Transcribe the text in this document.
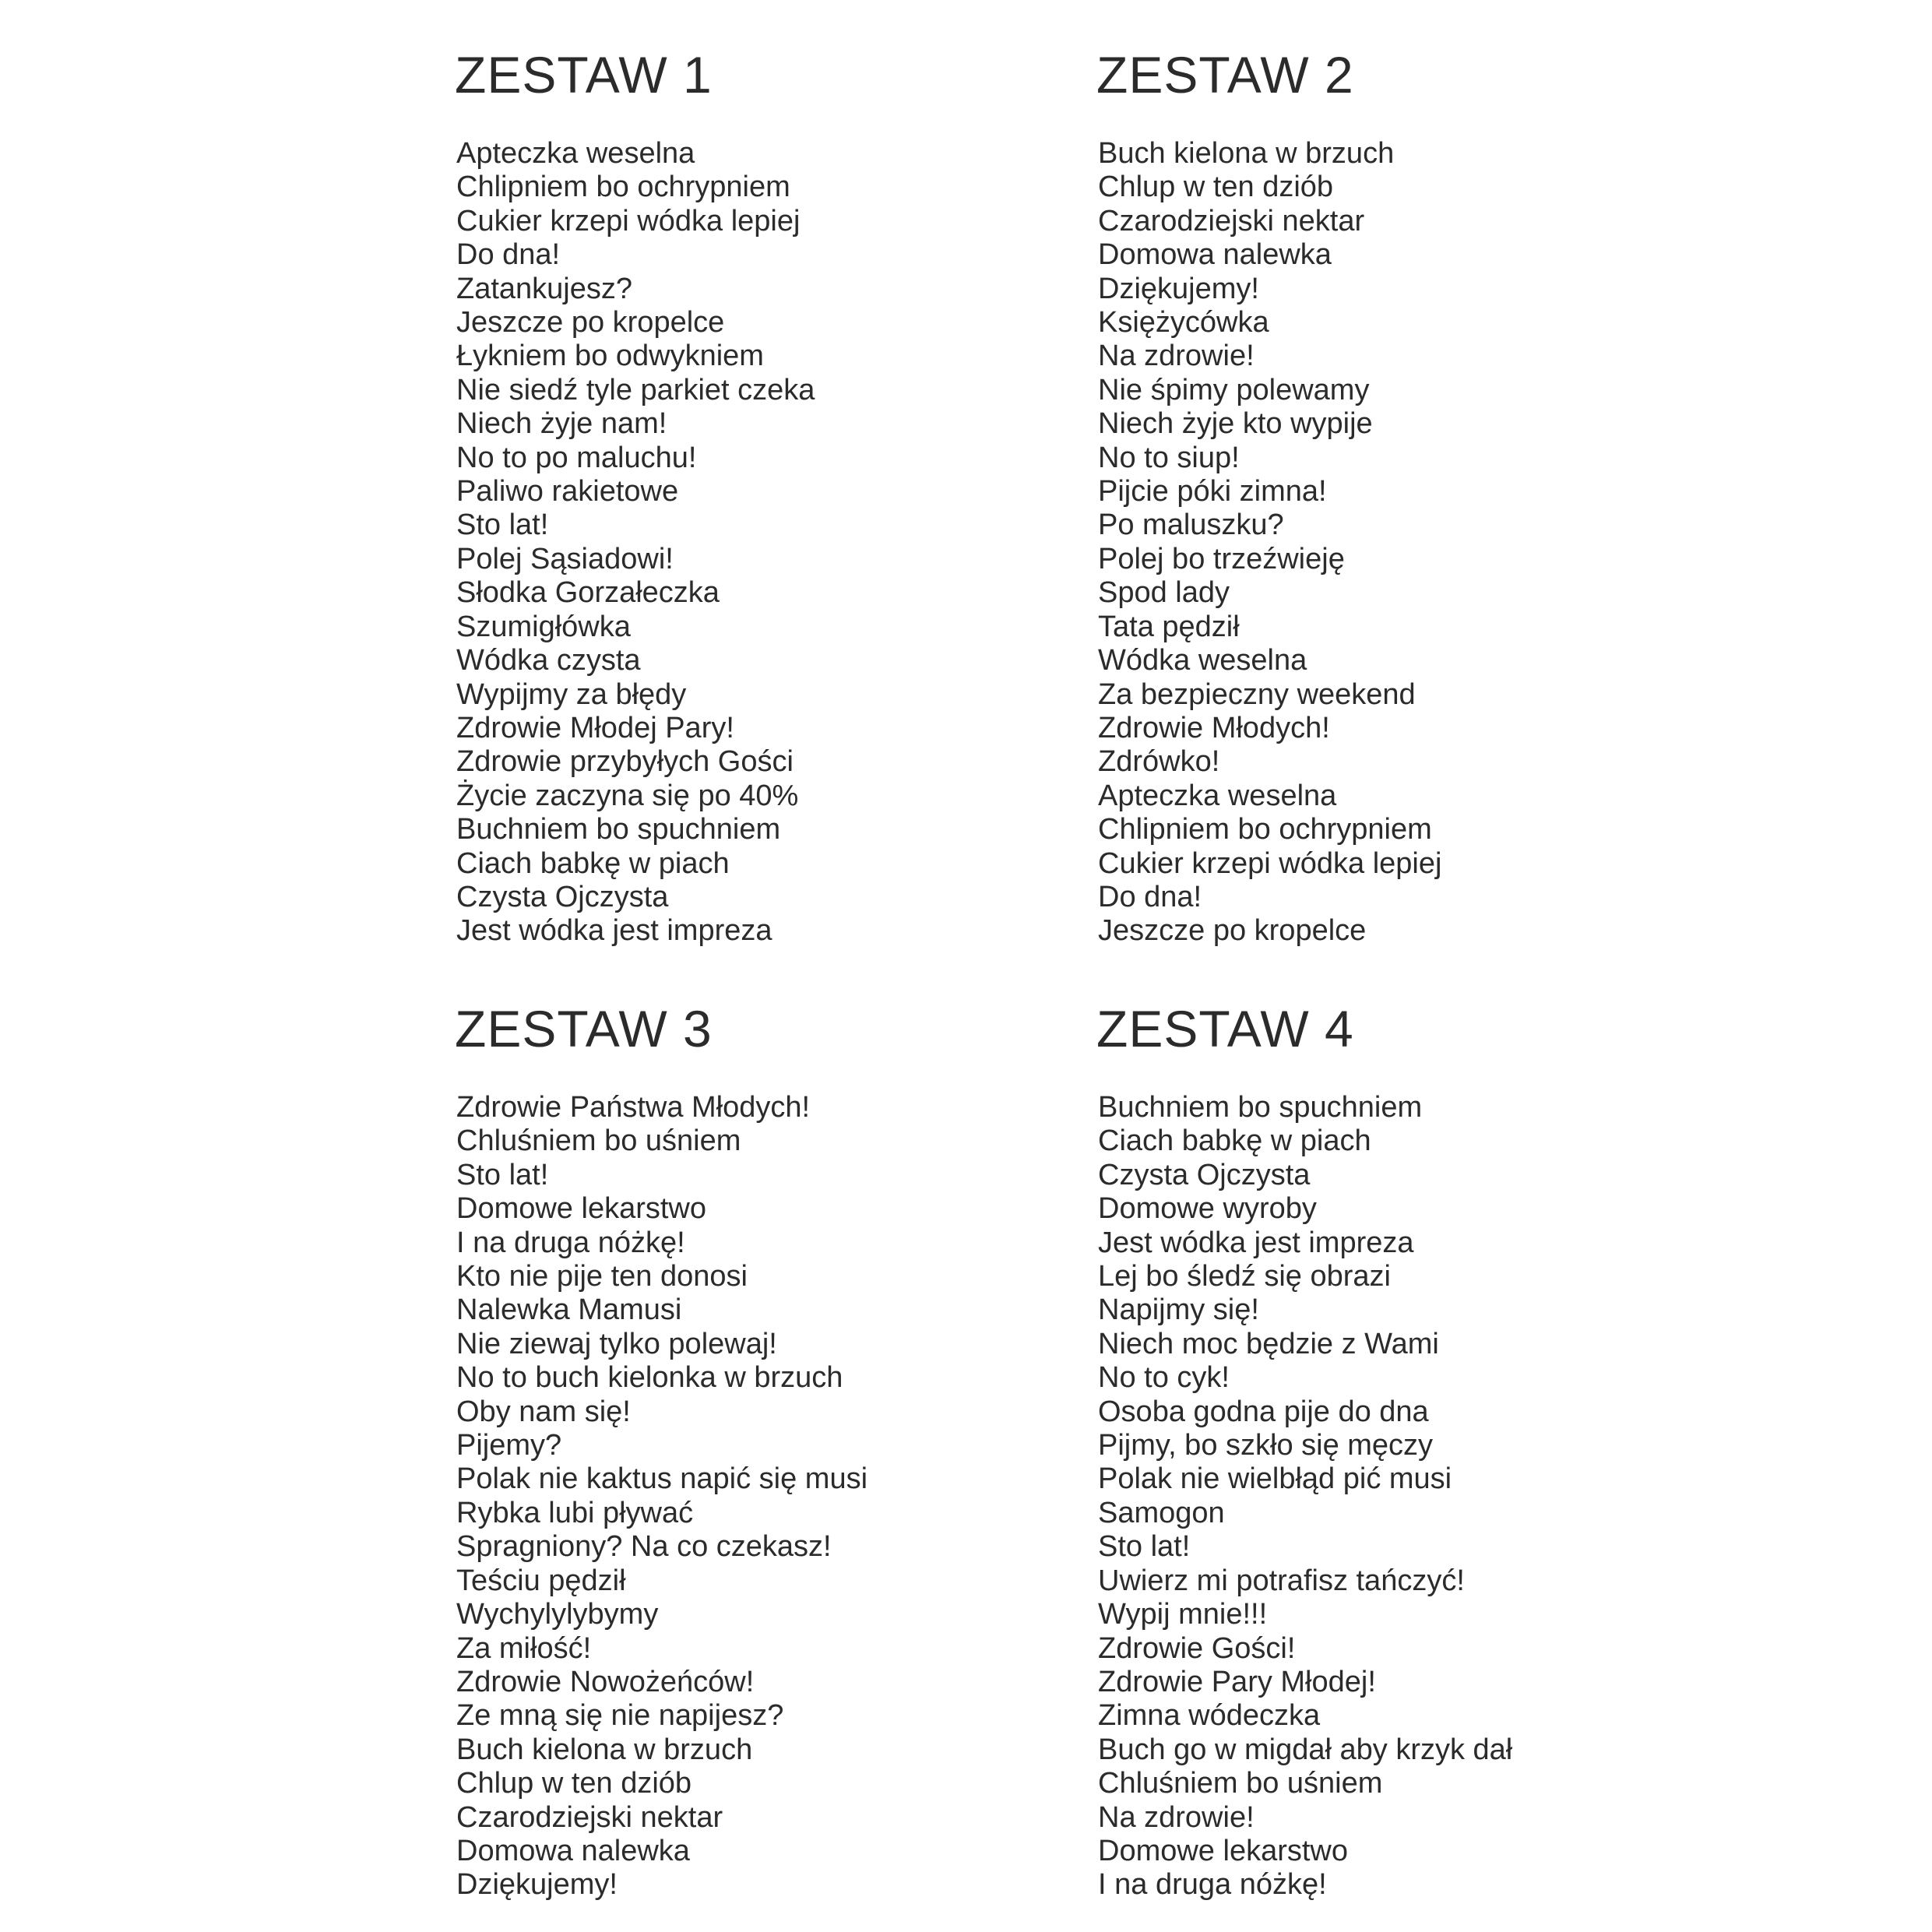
ZESTAW 1
Apteczka weselna
Chlipniem bo ochrypniem
Cukier krzepi wódka lepiej
Do dna!
Zatankujesz?
Jeszcze po kropelce
Łykniem bo odwykniem
Nie siedź tyle parkiet czeka
Niech żyje nam!
No to po maluchu!
Paliwo rakietowe
Sto lat!
Polej Sąsiadowi!
Słodka Gorzałeczka
Szumigłówka
Wódka czysta
Wypijmy za błędy
Zdrowie Młodej Pary!
Zdrowie przybyłych Gości
Życie zaczyna się po 40%
Buchniem bo spuchniem
Ciach babkę w piach
Czysta Ojczysta
Jest wódka jest impreza
ZESTAW 2
Buch kielona w brzuch
Chlup w ten dziób
Czarodziejski nektar
Domowa nalewka
Dziękujemy!
Księżycówka
Na zdrowie!
Nie śpimy polewamy
Niech żyje kto wypije
No to siup!
Pijcie póki zimna!
Po maluszku?
Polej bo trzeźwieję
Spod lady
Tata pędził
Wódka weselna
Za bezpieczny weekend
Zdrowie Młodych!
Zdrówko!
Apteczka weselna
Chlipniem bo ochrypniem
Cukier krzepi wódka lepiej
Do dna!
Jeszcze po kropelce
ZESTAW 3
Zdrowie Państwa Młodych!
Chluśniem bo uśniem
Sto lat!
Domowe lekarstwo
I na druga nóżkę!
Kto nie pije ten donosi
Nalewka Mamusi
Nie ziewaj tylko polewaj!
No to buch kielonka w brzuch
Oby nam się!
Pijemy?
Polak nie kaktus napić się musi
Rybka lubi pływać
Spragniony? Na co czekasz!
Teściu pędził
Wychylylybymy
Za miłość!
Zdrowie Nowożeńców!
Ze mną się nie napijesz?
Buch kielona w brzuch
Chlup w ten dziób
Czarodziejski nektar
Domowa nalewka
Dziękujemy!
ZESTAW 4
Buchniem bo spuchniem
Ciach babkę w piach
Czysta Ojczysta
Domowe wyroby
Jest wódka jest impreza
Lej bo śledź się obrazi
Napijmy się!
Niech moc będzie z Wami
No to cyk!
Osoba godna pije do dna
Pijmy, bo szkło się męczy
Polak nie wielbłąd pić musi
Samogon
Sto lat!
Uwierz mi potrafisz tańczyć!
Wypij mnie!!!
Zdrowie Gości!
Zdrowie Pary Młodej!
Zimna wódeczka
Buch go w migdał aby krzyk dał
Chluśniem bo uśniem
Na zdrowie!
Domowe lekarstwo
I na druga nóżkę!
